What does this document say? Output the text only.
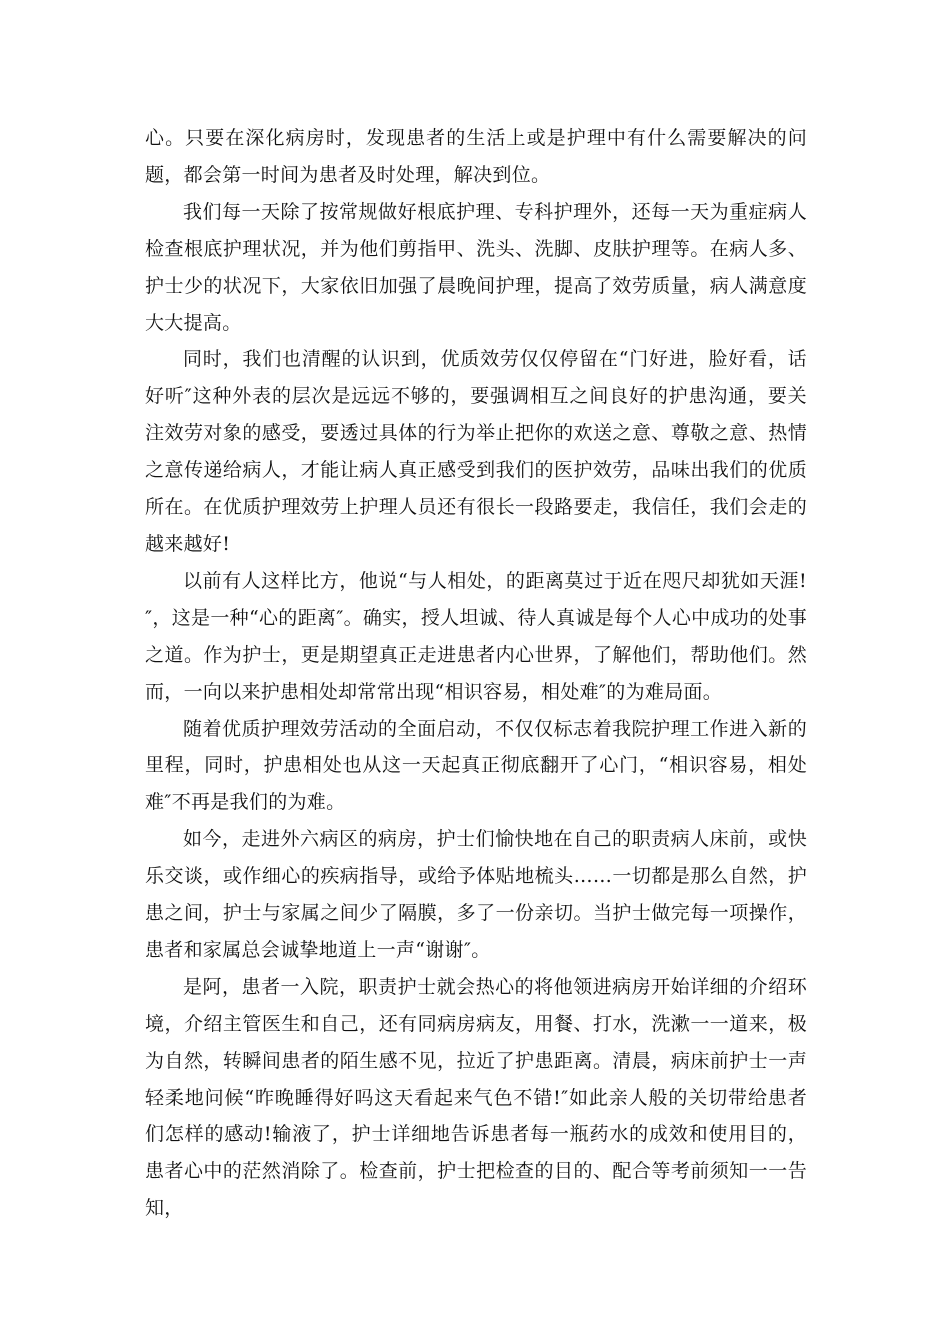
心。只要在深化病房时，发现患者的生活上或是护理中有什么需要解决的问题，都会第一时间为患者及时处理，解决到位。

我们每一天除了按常规做好根底护理、专科护理外，还每一天为重症病人检查根底护理状况，并为他们剪指甲、洗头、洗脚、皮肤护理等。在病人多、护士少的状况下，大家依旧加强了晨晚间护理，提高了效劳质量，病人满意度大大提高。

同时，我们也清醒的认识到，优质效劳仅仅停留在“门好进，脸好看，话好听″这种外表的层次是远远不够的，要强调相互之间良好的护患沟通，要关注效劳对象的感受，要透过具体的行为举止把你的欢送之意、尊敬之意、热情之意传递给病人，才能让病人真正感受到我们的医护效劳，品味出我们的优质所在。在优质护理效劳上护理人员还有很长一段路要走，我信任，我们会走的越来越好!

以前有人这样比方，他说“与人相处，的距离莫过于近在咫尺却犹如天涯!″，这是一种“心的距离″。确实，授人坦诚、待人真诚是每个人心中成功的处事之道。作为护士，更是期望真正走进患者内心世界，了解他们，帮助他们。然而，一向以来护患相处却常常出现“相识容易，相处难″的为难局面。

随着优质护理效劳活动的全面启动，不仅仅标志着我院护理工作进入新的里程，同时，护患相处也从这一天起真正彻底翻开了心门，“相识容易，相处难″不再是我们的为难。

如今，走进外六病区的病房，护士们愉快地在自己的职责病人床前，或快乐交谈，或作细心的疾病指导，或给予体贴地梳头……一切都是那么自然，护患之间，护士与家属之间少了隔膜，多了一份亲切。当护士做完每一项操作，患者和家属总会诚挚地道上一声“谢谢″。

是阿，患者一入院，职责护士就会热心的将他领进病房开始详细的介绍环境，介绍主管医生和自己，还有同病房病友，用餐、打水，洗漱一一道来，极为自然，转瞬间患者的陌生感不见，拉近了护患距离。清晨，病床前护士一声轻柔地问候“昨晚睡得好吗这天看起来气色不错!″如此亲人般的关切带给患者们怎样的感动!输液了，护士详细地告诉患者每一瓶药水的成效和使用目的，患者心中的茫然消除了。检查前，护士把检查的目的、配合等考前须知一一告知，
